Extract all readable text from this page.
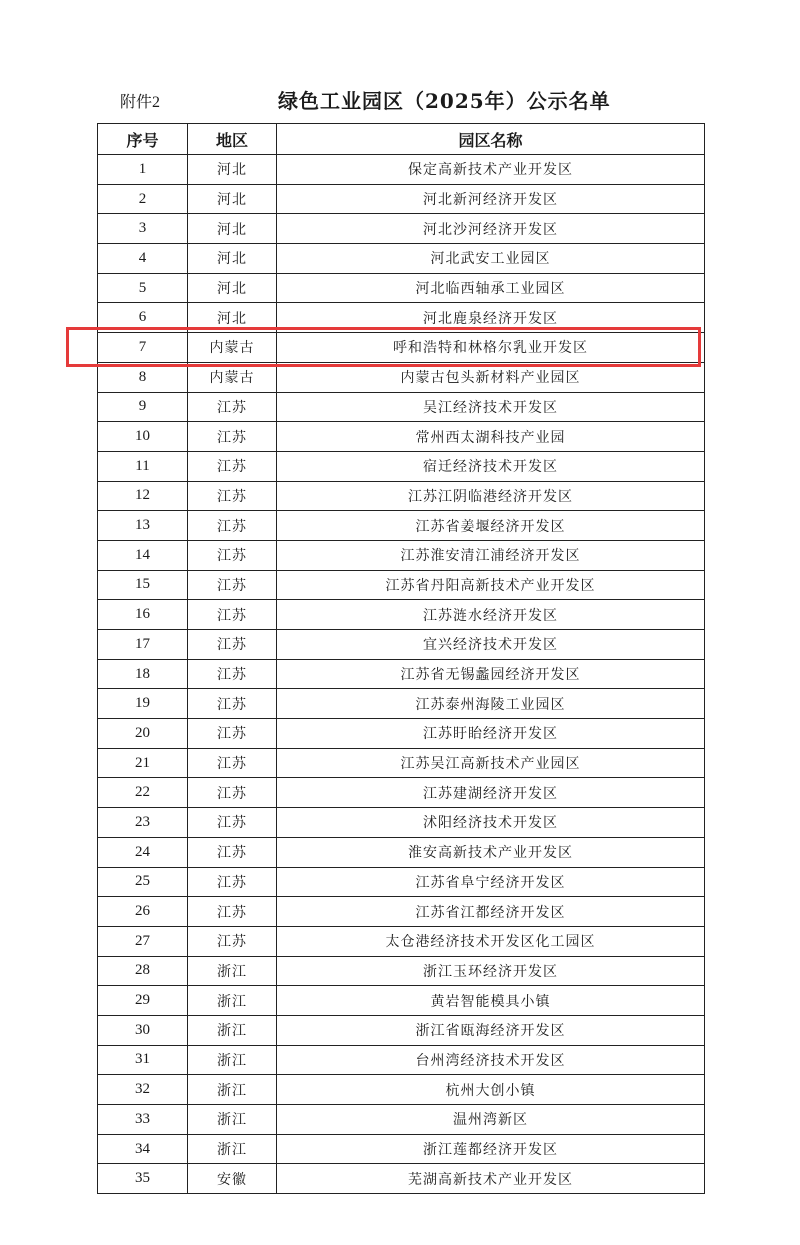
附件2	绿色工业园区（2025年）公示名单
序号	地区	园区名称
1	河北	保定高新技术产业开发区
2	河北	河北新河经济开发区
3	河北	河北沙河经济开发区
4	河北	河北武安工业园区
5	河北	河北临西轴承工业园区
6	河北	河北鹿泉经济开发区
7	内蒙古	呼和浩特和林格尔乳业开发区
8	内蒙古	内蒙古包头新材料产业园区
9	江苏	吴江经济技术开发区
10	江苏	常州西太湖科技产业园
11	江苏	宿迁经济技术开发区
12	江苏	江苏江阴临港经济开发区
13	江苏	江苏省姜堰经济开发区
14	江苏	江苏淮安清江浦经济开发区
15	江苏	江苏省丹阳高新技术产业开发区
16	江苏	江苏涟水经济开发区
17	江苏	宜兴经济技术开发区
18	江苏	江苏省无锡蠡园经济开发区
19	江苏	江苏泰州海陵工业园区
20	江苏	江苏盱眙经济开发区
21	江苏	江苏吴江高新技术产业园区
22	江苏	江苏建湖经济开发区
23	江苏	沭阳经济技术开发区
24	江苏	淮安高新技术产业开发区
25	江苏	江苏省阜宁经济开发区
26	江苏	江苏省江都经济开发区
27	江苏	太仓港经济技术开发区化工园区
28	浙江	浙江玉环经济开发区
29	浙江	黄岩智能模具小镇
30	浙江	浙江省瓯海经济开发区
31	浙江	台州湾经济技术开发区
32	浙江	杭州大创小镇
33	浙江	温州湾新区
34	浙江	浙江莲都经济开发区
35	安徽	芜湖高新技术产业开发区
